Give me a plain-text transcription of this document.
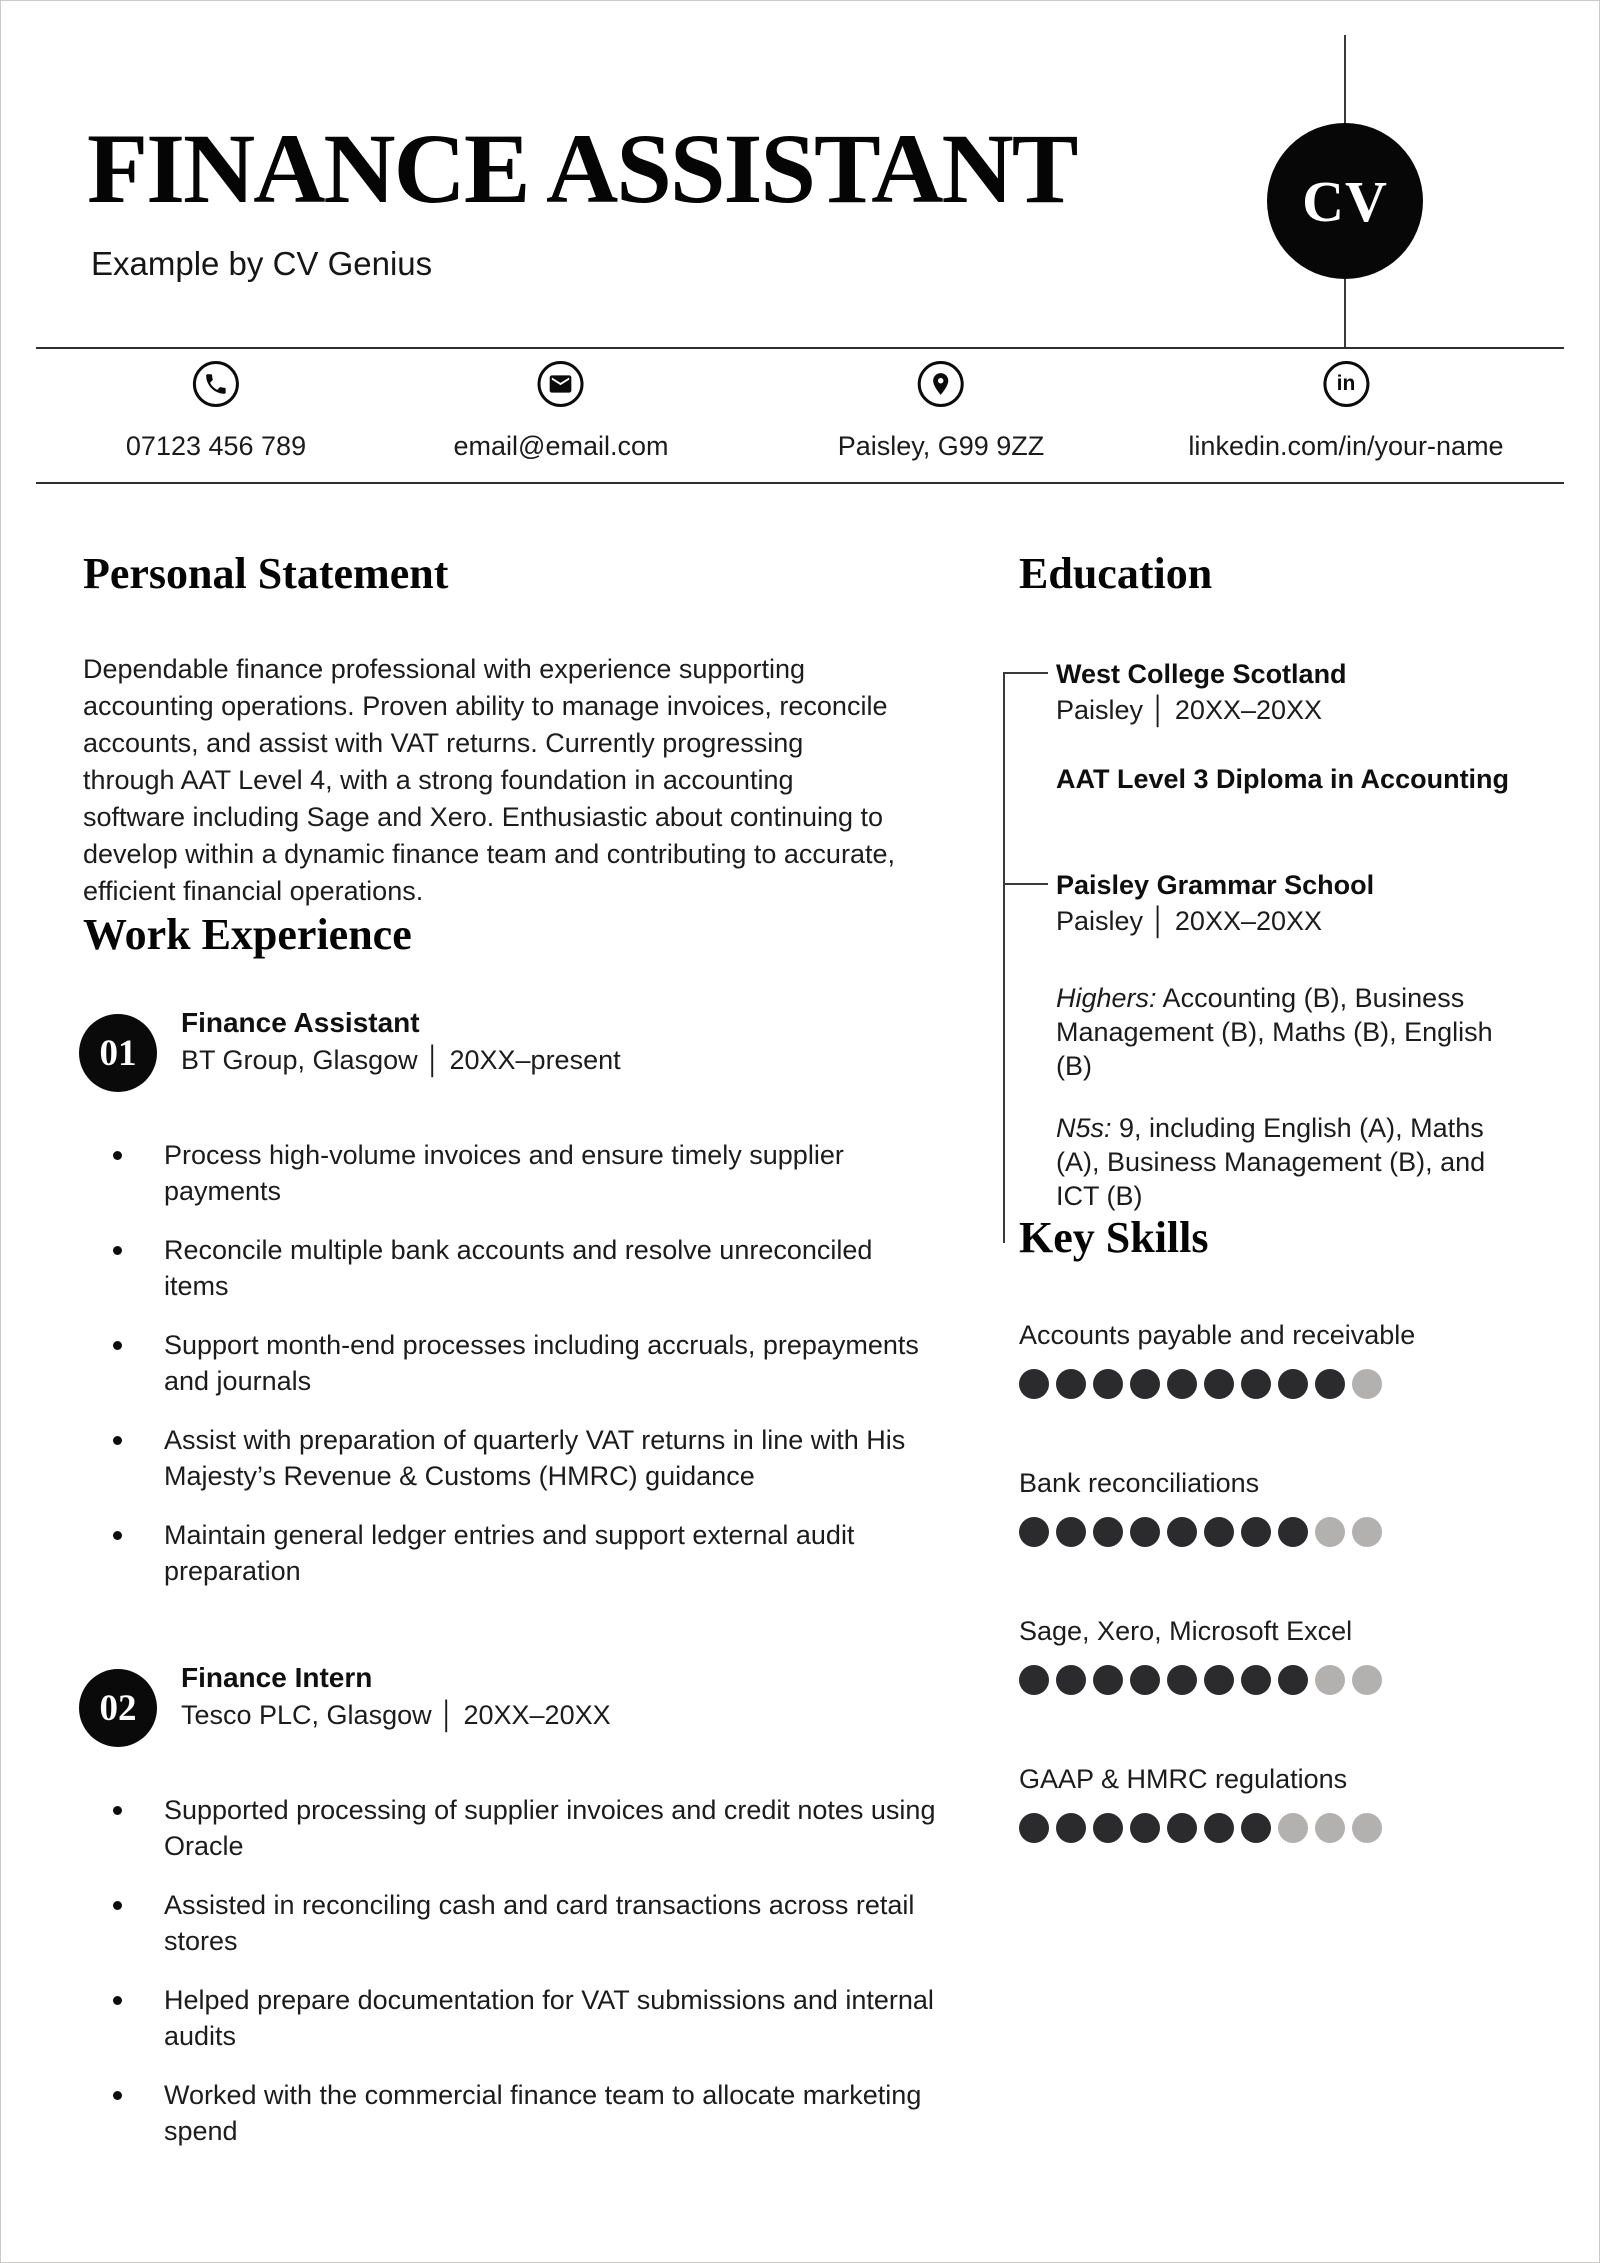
FINANCE ASSISTANT
Example by CV Genius
CV
07123 456 789	email@email.com	Paisley, G99 9ZZ
in
linkedin.com/in/your-name
Personal Statement

Dependable finance professional with experience supporting accounting operations. Proven ability to manage invoices, reconcile accounts, and assist with VAT returns. Currently progressing through AAT Level 4, with a strong foundation in accounting software including Sage and Xero. Enthusiastic about continuing to develop within a dynamic finance team and contributing to accurate, efficient financial operations.

Work Experience
01
Finance Assistant
BT Group, Glasgow │ 20XX–present
Process high-volume invoices and ensure timely supplier payments
Reconcile multiple bank accounts and resolve unreconciled items
Support month-end processes including accruals, prepayments and journals
Assist with preparation of quarterly VAT returns in line with His Majesty’s Revenue & Customs (HMRC) guidance
Maintain general ledger entries and support external audit preparation
02
Finance Intern
Tesco PLC, Glasgow │ 20XX–20XX
Supported processing of supplier invoices and credit notes using Oracle
Assisted in reconciling cash and card transactions across retail stores
Helped prepare documentation for VAT submissions and internal audits
Worked with the commercial finance team to allocate marketing spend
Education
West College Scotland
Paisley │ 20XX–20XX
AAT Level 3 Diploma in Accounting
Paisley Grammar School
Paisley │ 20XX–20XX
Highers: Accounting (B), Business Management (B), Maths (B), English (B)
N5s: 9, including English (A), Maths (A), Business Management (B), and ICT (B)
Key Skills
Accounts payable and receivable
Bank reconciliations
Sage, Xero, Microsoft Excel
GAAP & HMRC regulations
